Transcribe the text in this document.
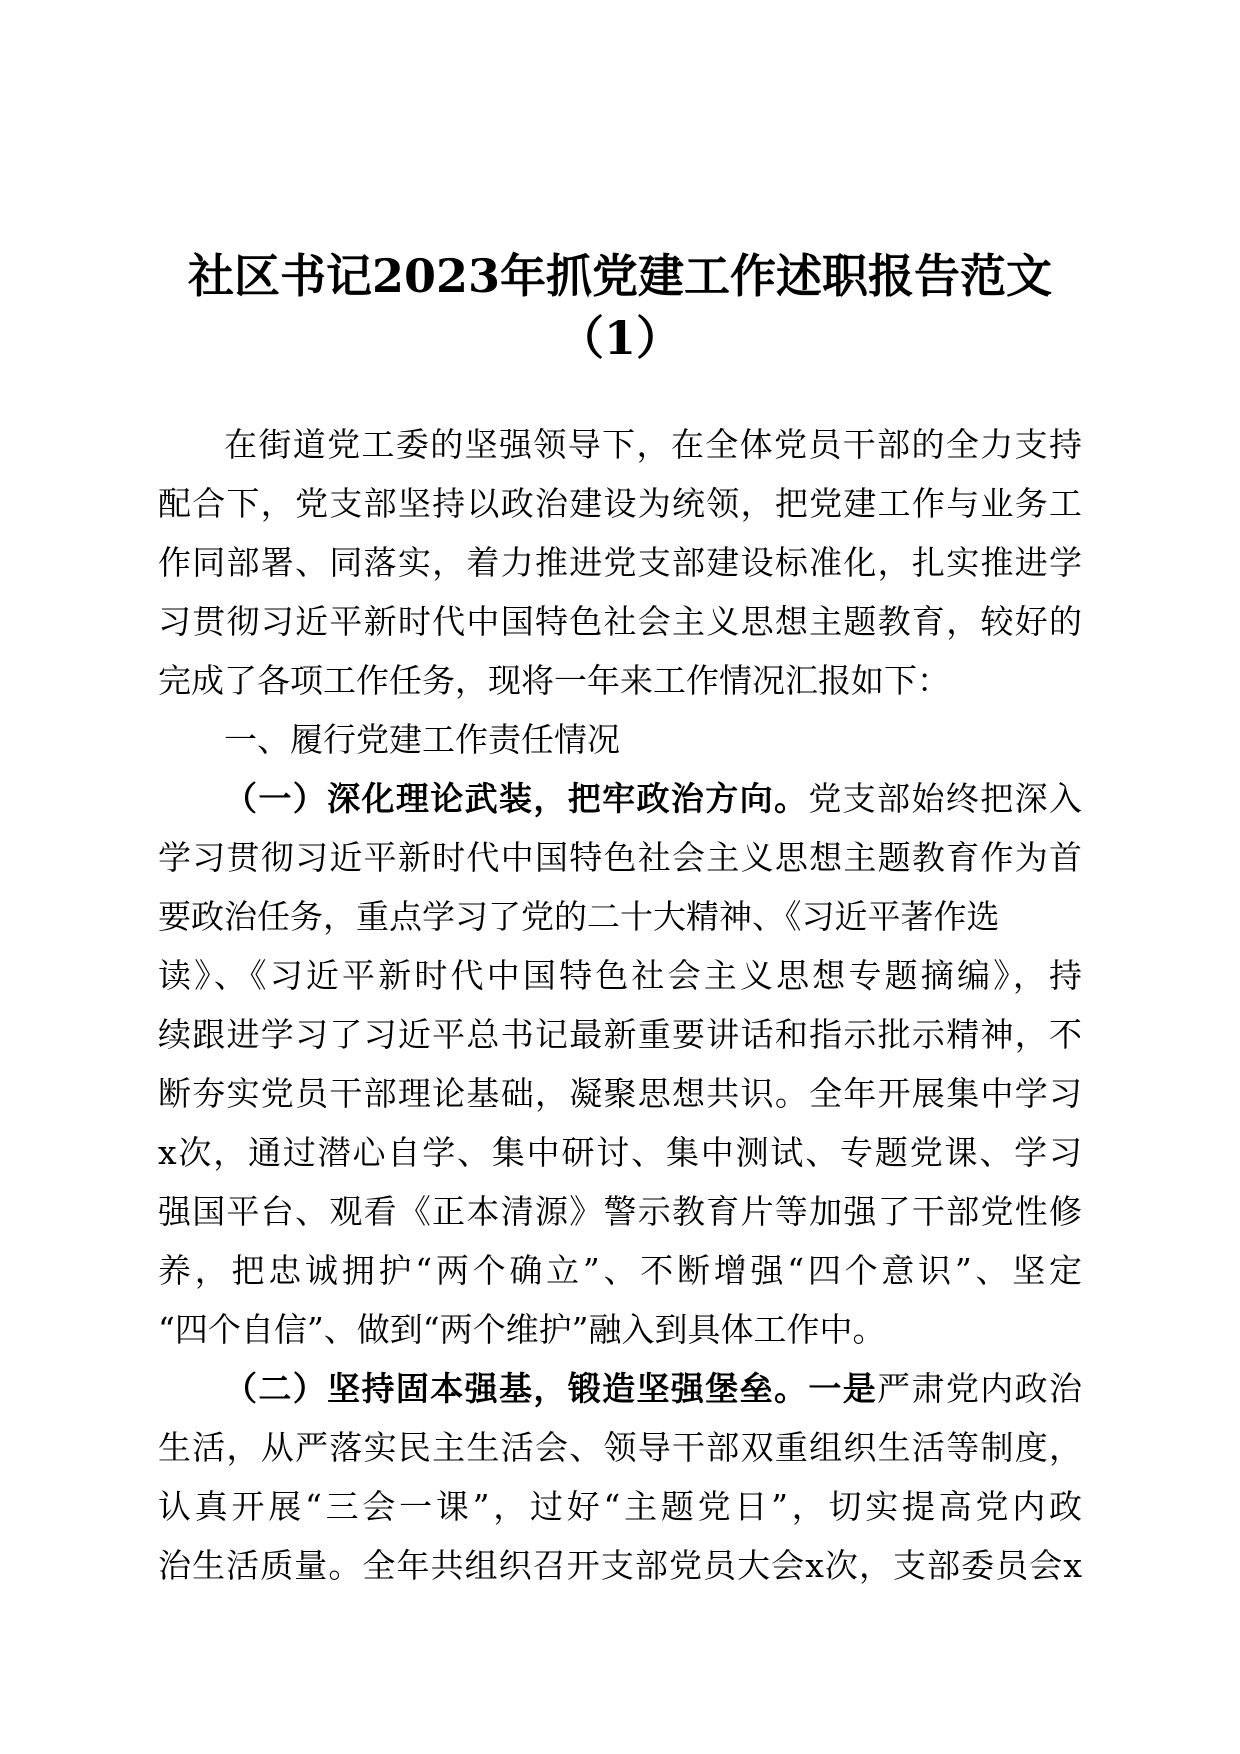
社区书记2023年抓党建工作述职报告范文
（1）
在街道党工委的坚强领导下，在全体党员干部的全力支持
配合下，党支部坚持以政治建设为统领，把党建工作与业务工
作同部署、同落实，着力推进党支部建设标准化，扎实推进学
习贯彻习近平新时代中国特色社会主义思想主题教育，较好的
完成了各项工作任务，现将一年来工作情况汇报如下：
一、履行党建工作责任情况
（一）深化理论武装，把牢政治方向。党支部始终把深入
学习贯彻习近平新时代中国特色社会主义思想主题教育作为首
要政治任务，重点学习了党的二十大精神、《习近平著作选
读》、《习近平新时代中国特色社会主义思想专题摘编》，持
续跟进学习了习近平总书记最新重要讲话和指示批示精神，不
断夯实党员干部理论基础，凝聚思想共识。全年开展集中学习
x次，通过潜心自学、集中研讨、集中测试、专题党课、学习
强国平台、观看《正本清源》警示教育片等加强了干部党性修
养，把忠诚拥护“两个确立”、不断增强“四个意识”、坚定
“四个自信”、做到“两个维护”融入到具体工作中。
（二）坚持固本强基，锻造坚强堡垒。一是严肃党内政治
生活，从严落实民主生活会、领导干部双重组织生活等制度，
认真开展“三会一课”，过好“主题党日”，切实提高党内政
治生活质量。全年共组织召开支部党员大会x次，支部委员会x
